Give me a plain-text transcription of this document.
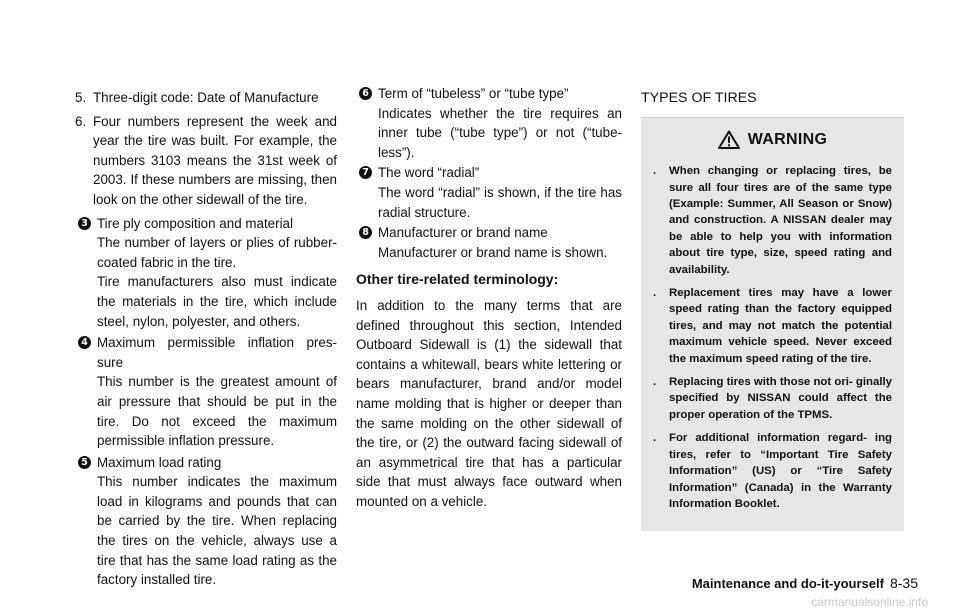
5. Three-digit code: Date of Manufacture
6. Four numbers represent the week and year the tire was built. For example, the numbers 3103 means the 31st week of 2003. If these numbers are missing, then look on the other sidewall of the tire.
3 Tire ply composition and material

The number of layers or plies of rubber-coated fabric in the tire.

Tire manufacturers also must indicate the materials in the tire, which include steel, nylon, polyester, and others.

4 Maximum permissible inflation pres- sure

This number is the greatest amount of air pressure that should be put in the tire. Do not exceed the maximum permissible inflation pressure.

5 Maximum load rating

This number indicates the maximum load in kilograms and pounds that can be carried by the tire. When replacing the tires on the vehicle, always use a tire that has the same load rating as the factory installed tire.

6 Term of “tubeless” or “tube type”

Indicates whether the tire requires an inner tube (“tube type”) or not (“tube- less”).

7 The word “radial”

The word “radial” is shown, if the tire has radial structure.

8 Manufacturer or brand name

Manufacturer or brand name is shown.

Other tire-related terminology:

In addition to the many terms that are defined throughout this section, Intended Outboard Sidewall is (1) the sidewall that contains a whitewall, bears white lettering or bears manufacturer, brand and/or model name molding that is higher or deeper than the same molding on the other sidewall of the tire, or (2) the outward facing sidewall of an asymmetrical tire that has a particular side that must always face outward when mounted on a vehicle.

TYPES OF TIRES
WARNING
.	When changing or replacing tires, be sure all four tires are of the same type (Example: Summer, All Season or Snow) and construction. A NISSAN dealer may be able to help you with information about tire type, size, speed rating and availability.
.	Replacement tires may have a lower speed rating than the factory equipped tires, and may not match the potential maximum vehicle speed. Never exceed the maximum speed rating of the tire.
.	Replacing tires with those not ori- ginally specified by NISSAN could affect the proper operation of the TPMS.
.	For additional information regard- ing tires, refer to “Important Tire Safety Information” (US) or “Tire Safety Information” (Canada) in the Warranty Information Booklet.
Maintenance and do-it-yourself 8-35
carmanualsonline.info
